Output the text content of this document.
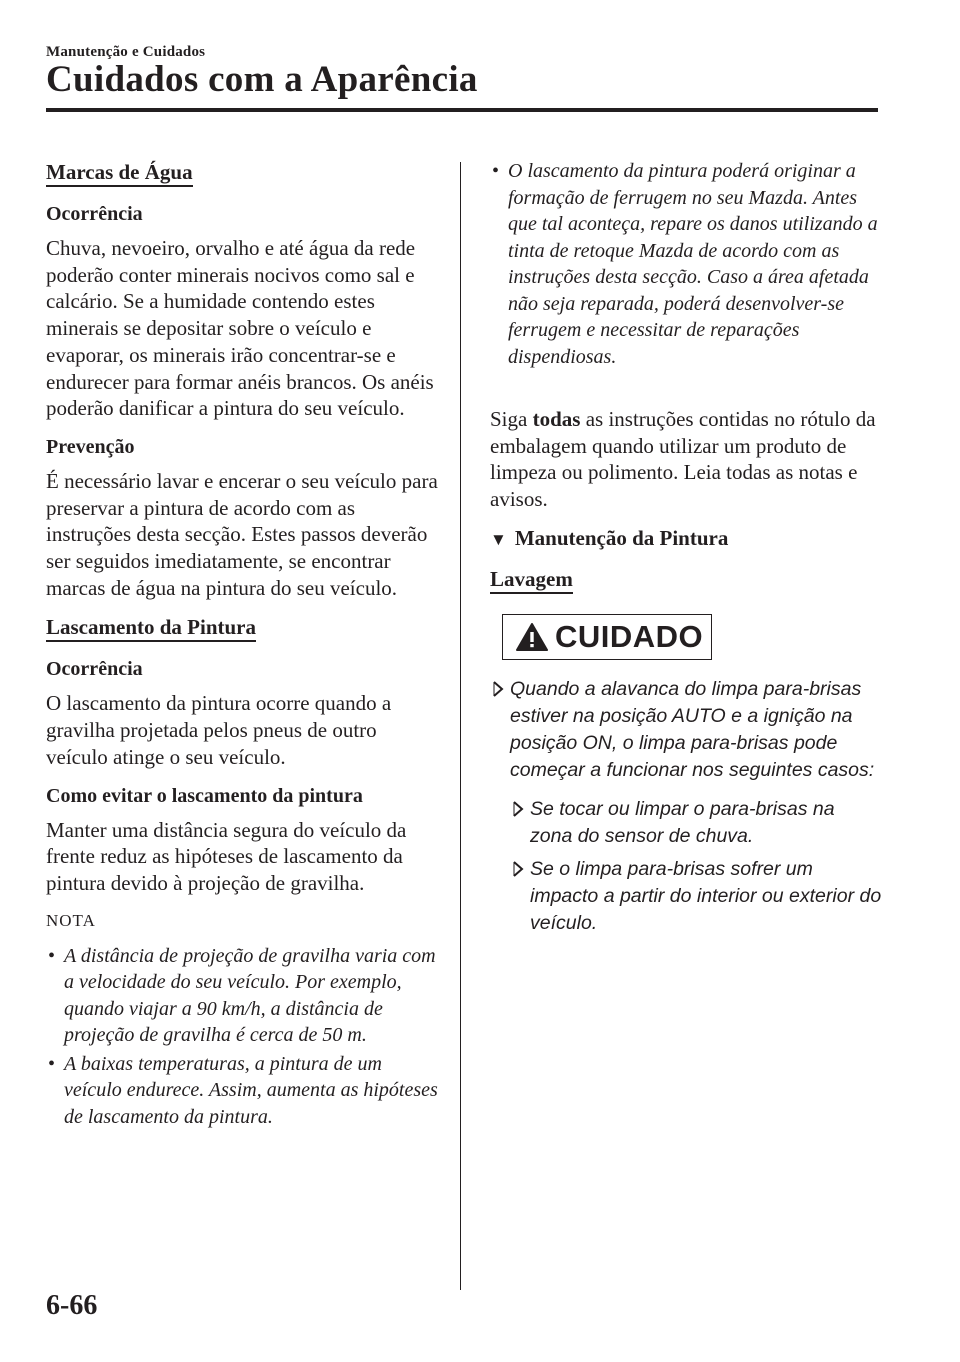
Manutenção e Cuidados
Cuidados com a Aparência
Marcas de Água
Ocorrência

Chuva, nevoeiro, orvalho e até água da rede poderão conter minerais nocivos como sal e calcário. Se a humidade contendo estes minerais se depositar sobre o veículo e evaporar, os minerais irão concentrar-se e endurecer para formar anéis brancos. Os anéis poderão danificar a pintura do seu veículo.

Prevenção

É necessário lavar e encerar o seu veículo para preservar a pintura de acordo com as instruções desta secção. Estes passos deverão ser seguidos imediatamente, se encontrar marcas de água na pintura do seu veículo.

Lascamento da Pintura
Ocorrência

O lascamento da pintura ocorre quando a gravilha projetada pelos pneus de outro veículo atinge o seu veículo.

Como evitar o lascamento da pintura

Manter uma distância segura do veículo da frente reduz as hipóteses de lascamento da pintura devido à projeção de gravilha.

NOTA
• A distância de projeção de gravilha varia com a velocidade do seu veículo. Por exemplo, quando viajar a 90 km/h, a distância de projeção de gravilha é cerca de 50 m.
• A baixas temperaturas, a pintura de um veículo endurece. Assim, aumenta as hipóteses de lascamento da pintura.
• O lascamento da pintura poderá originar a formação de ferrugem no seu Mazda. Antes que tal aconteça, repare os danos utilizando a tinta de retoque Mazda de acordo com as instruções desta secção. Caso a área afetada não seja reparada, poderá desenvolver-se ferrugem e necessitar de reparações dispendiosas.

Siga todas as instruções contidas no rótulo da embalagem quando utilizar um produto de limpeza ou polimento. Leia todas as notas e avisos.

▼ Manutenção da Pintura
Lavagem

CUIDADO
Quando a alavanca do limpa para-brisas estiver na posição AUTO e a ignição na posição ON, o limpa para-brisas pode começar a funcionar nos seguintes casos:
Se tocar ou limpar o para-brisas na zona do sensor de chuva.
Se o limpa para-brisas sofrer um impacto a partir do interior ou exterior do veículo.
6-66
